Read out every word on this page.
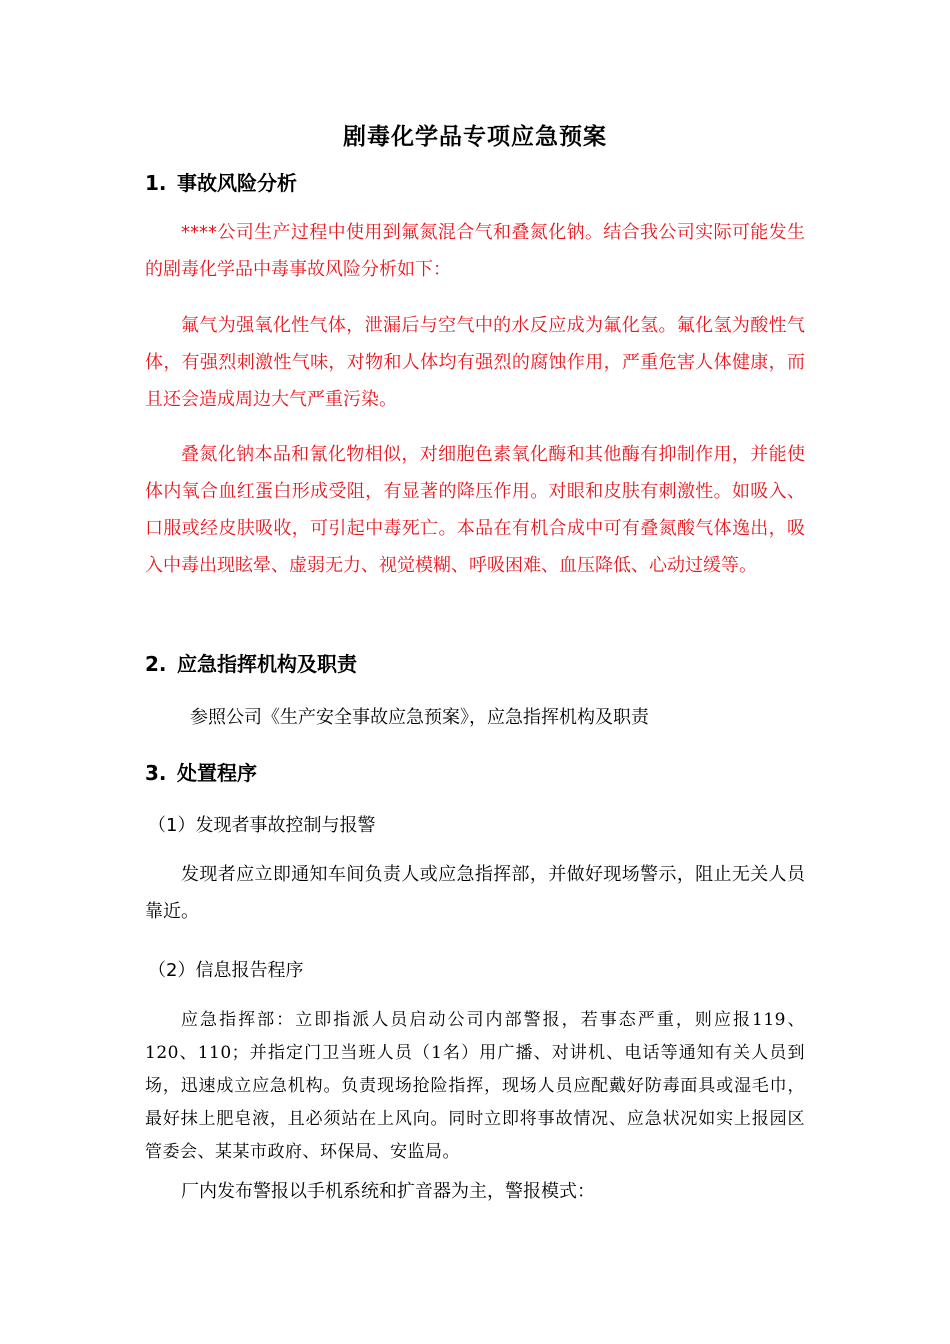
剧毒化学品专项应急预案
1. 事故风险分析
****公司生产过程中使用到氟氮混合气和叠氮化钠。结合我公司实际可能发生的剧毒化学品中毒事故风险分析如下：
氟气为强氧化性气体，泄漏后与空气中的水反应成为氟化氢。氟化氢为酸性气体，有强烈刺激性气味，对物和人体均有强烈的腐蚀作用，严重危害人体健康，而且还会造成周边大气严重污染。
叠氮化钠本品和氰化物相似，对细胞色素氧化酶和其他酶有抑制作用，并能使体内氧合血红蛋白形成受阻，有显著的降压作用。对眼和皮肤有刺激性。如吸入、口服或经皮肤吸收，可引起中毒死亡。本品在有机合成中可有叠氮酸气体逸出，吸入中毒出现眩晕、虚弱无力、视觉模糊、呼吸困难、血压降低、心动过缓等。
2. 应急指挥机构及职责
参照公司《生产安全事故应急预案》，应急指挥机构及职责
3. 处置程序
（1）发现者事故控制与报警
发现者应立即通知车间负责人或应急指挥部，并做好现场警示，阻止无关人员靠近。
（2）信息报告程序
应急指挥部：立即指派人员启动公司内部警报，若事态严重，则应报119、120、110；并指定门卫当班人员（1名）用广播、对讲机、电话等通知有关人员到场，迅速成立应急机构。负责现场抢险指挥，现场人员应配戴好防毒面具或湿毛巾，最好抹上肥皂液，且必须站在上风向。同时立即将事故情况、应急状况如实上报园区管委会、某某市政府、环保局、安监局。
厂内发布警报以手机系统和扩音器为主，警报模式：
